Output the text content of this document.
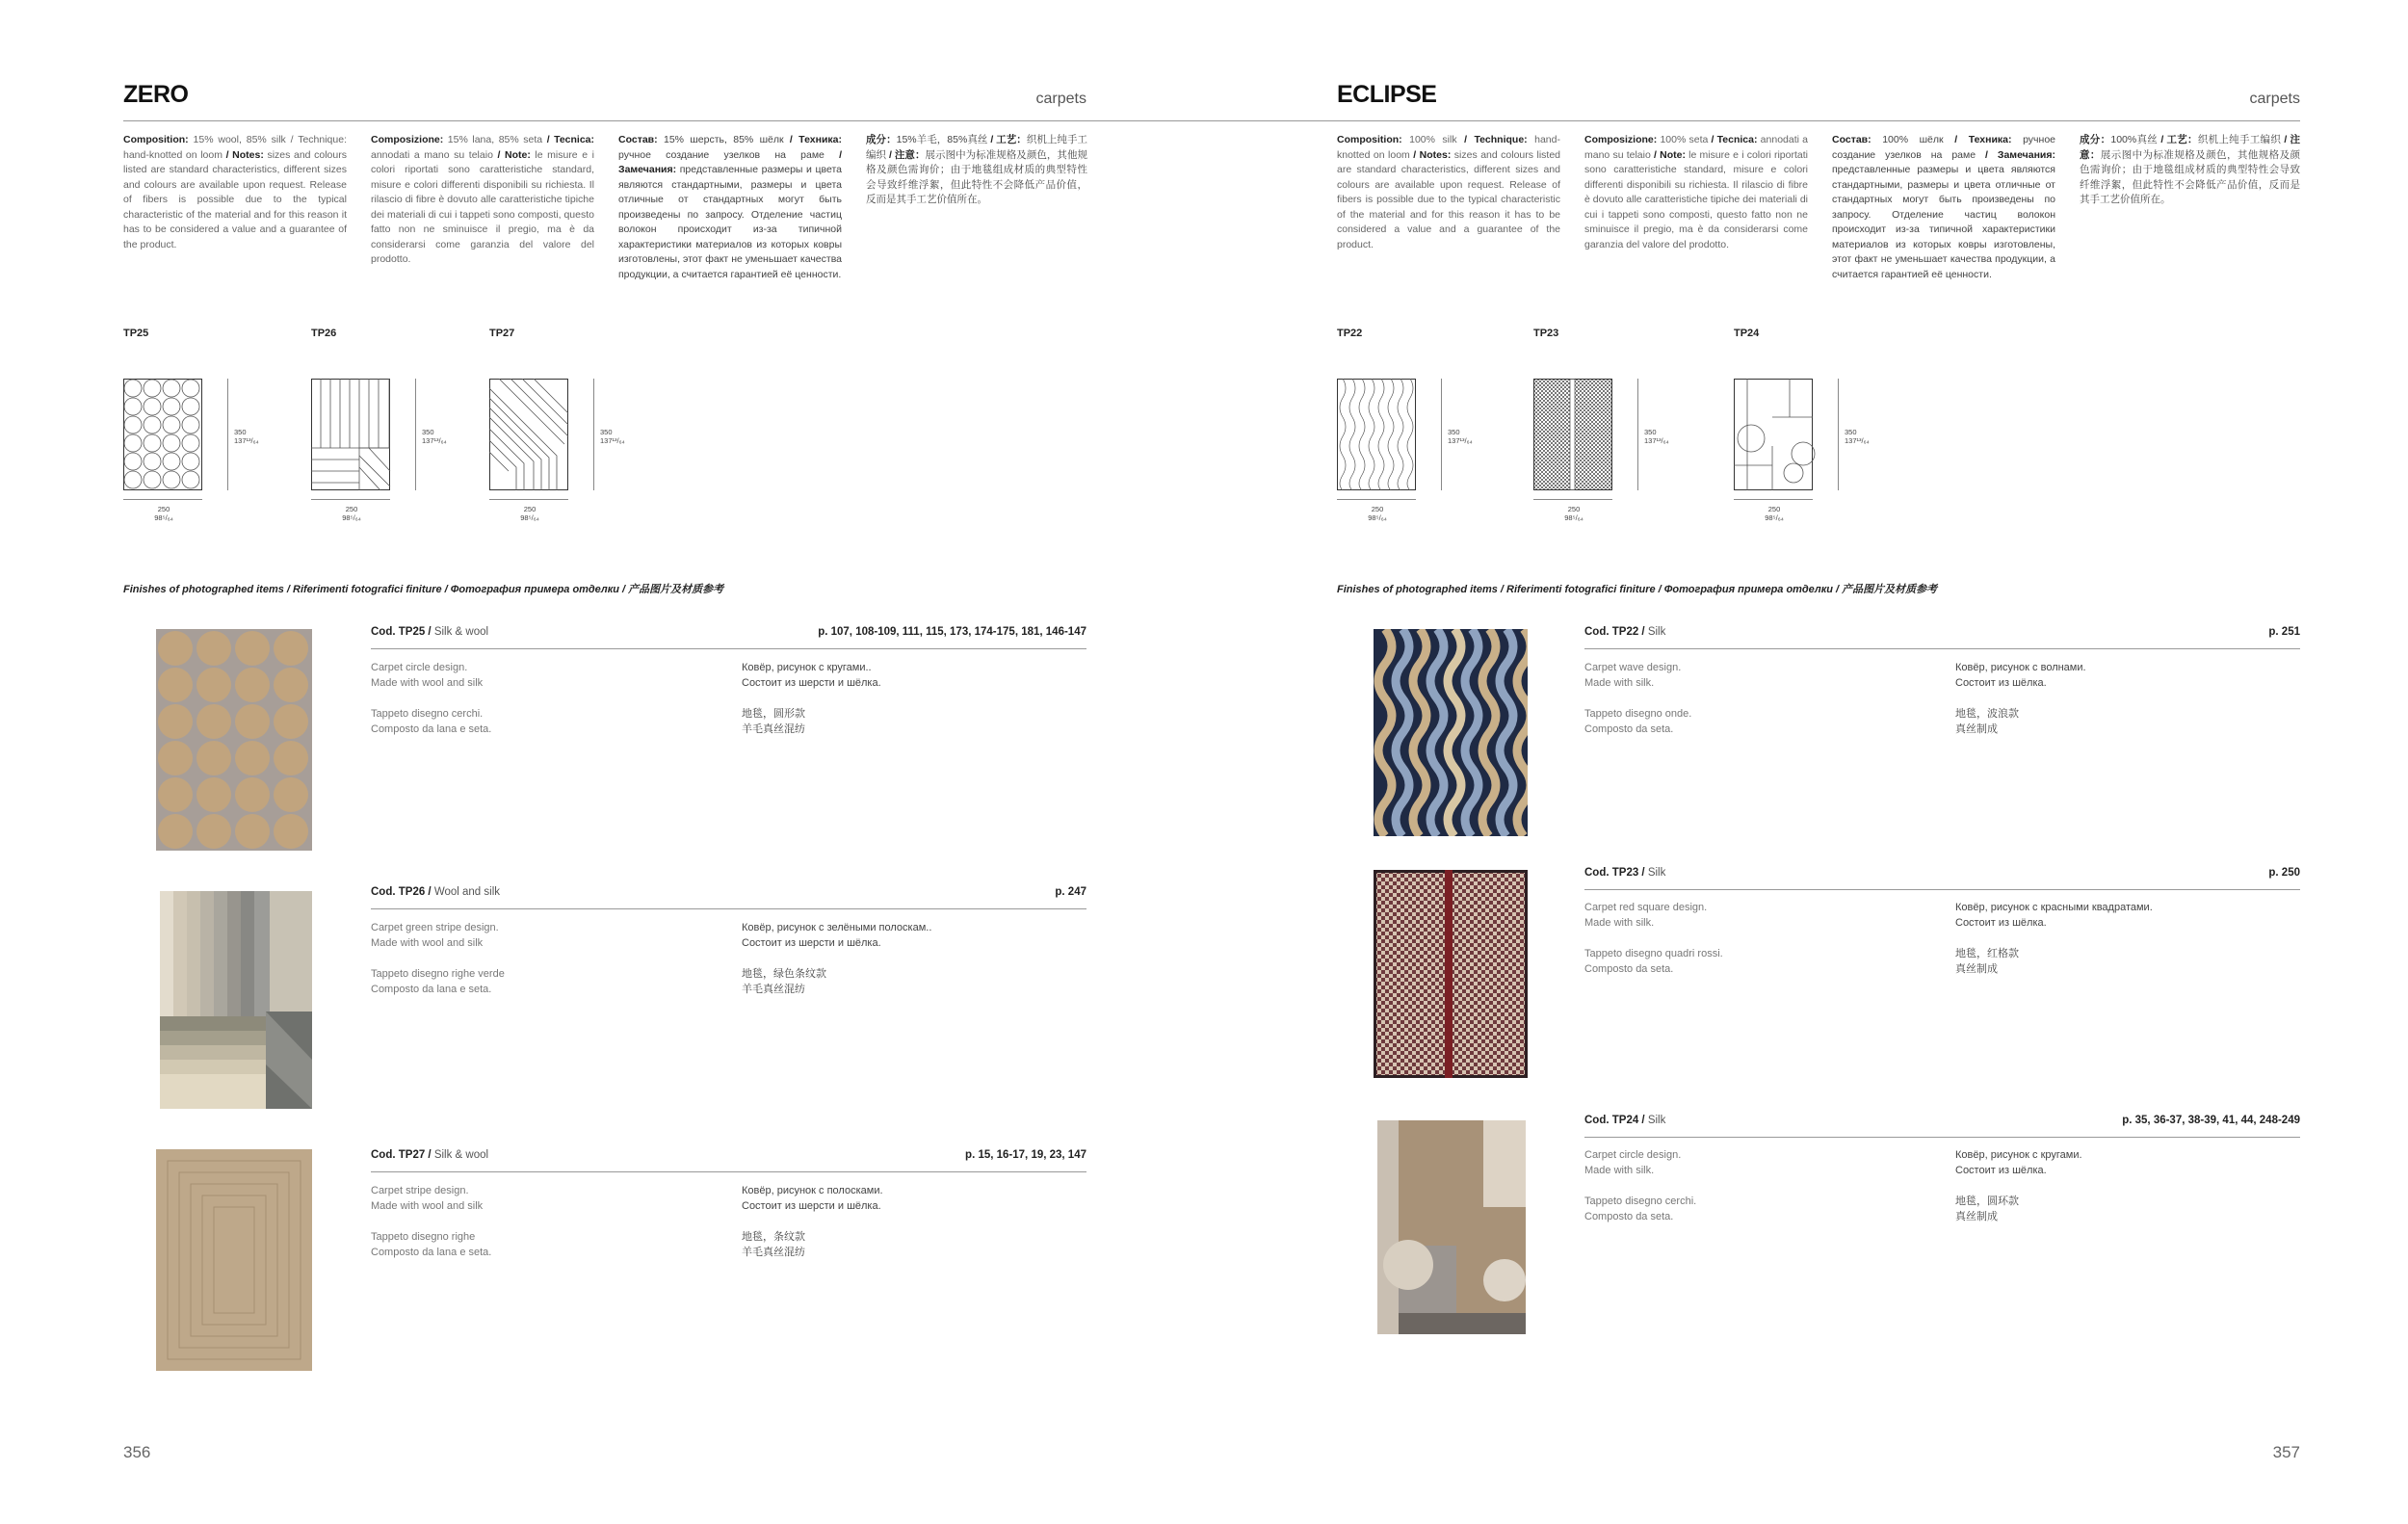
ZERO	carpets
Composition: 15% wool, 85% silk / Technique: hand-knotted on loom / Notes: sizes and colours listed are standard characteristics, different sizes and colours are available upon request. Release of fibers is possible due to the typical characteristic of the material and for this reason it has to be considered a value and a guarantee of the product.
Composizione: 15% lana, 85% seta / Tecnica: annodati a mano su telaio / Note: le misure e i colori riportati sono caratteristiche standard, misure e colori differenti disponibili su richiesta. Il rilascio di fibre è dovuto alle caratteristiche tipiche dei materiali di cui i tappeti sono composti, questo fatto non ne sminuisce il pregio, ma è da considerarsi come garanzia del valore del prodotto.
Состав: 15% шерсть, 85% шёлк / Техника: ручное создание узелков на раме / Замечания: представленные размеры и цвета являются стандартными, размеры и цвета отличные от стандартных могут быть произведены по запросу. Отделение частиц волокон происходит из-за типичной характеристики материалов из которых ковры изготовлены, этот факт не уменьшает качества продукции, а считается гарантией её ценности.
成分：15%羊毛，85%真丝 / 工艺：织机上纯手工编织 / 注意：展示图中为标准规格及颜色，其他规格及颜色需询价；由于地毯组成材质的典型特性会导致纤维浮絮，但此特性不会降低产品价值，反而是其手工艺价值所在。
TP25	TP26	TP27
350
137¹³/₆₄
250
98⁵/₆₄
350
137¹³/₆₄
250
98⁵/₆₄
350
137¹³/₆₄
250
98⁵/₆₄
Finishes of photographed items / Riferimenti fotografici finiture / Фотография примера отделки / 产品图片及材质参考
Cod. TP25 / Silk & wool	p. 107, 108-109, 111, 115, 173, 174-175, 181, 146-147
Carpet circle design.
Made with wool and silk
Tappeto disegno cerchi.
Composto da lana e seta.
Ковёр, рисунок с кругами..
Состоит из шерсти и шёлка.
地毯，圆形款
羊毛真丝混纺
Cod. TP26 / Wool and silk	p. 247
Carpet green stripe design.
Made with wool and silk
Tappeto disegno righe verde
Composto da lana e seta.
Ковёр, рисунок с зелёными полоскам..
Состоит из шерсти и шёлка.
地毯，绿色条纹款
羊毛真丝混纺
Cod. TP27 / Silk & wool	p. 15, 16-17, 19, 23, 147
Carpet stripe design.
Made with wool and silk
Tappeto disegno righe
Composto da lana e seta.
Ковёр, рисунок с полосками.
Состоит из шерсти и шёлка.
地毯，条纹款
羊毛真丝混纺
356
ECLIPSE	carpets
Composition: 100% silk / Technique: hand-knotted on loom / Notes: sizes and colours listed are standard characteristics, different sizes and colours are available upon request. Release of fibers is possible due to the typical characteristic of the material and for this reason it has to be considered a value and a guarantee of the product.
Composizione: 100% seta / Tecnica: annodati a mano su telaio / Note: le misure e i colori riportati sono caratteristiche standard, misure e colori differenti disponibili su richiesta. Il rilascio di fibre è dovuto alle caratteristiche tipiche dei materiali di cui i tappeti sono composti, questo fatto non ne sminuisce il pregio, ma è da considerarsi come garanzia del valore del prodotto.
Состав: 100% шёлк / Техника: ручное создание узелков на раме / Замечания: представленные размеры и цвета являются стандартными, размеры и цвета отличные от стандартных могут быть произведены по запросу. Отделение частиц волокон происходит из-за типичной характеристики материалов из которых ковры изготовлены, этот факт не уменьшает качества продукции, а считается гарантией её ценности.
成分：100%真丝 / 工艺：织机上纯手工编织 / 注意：展示图中为标准规格及颜色，其他规格及颜色需询价；由于地毯组成材质的典型特性会导致纤维浮絮，但此特性不会降低产品价值，反而是其手工艺价值所在。
TP22	TP23	TP24
350
137¹³/₆₄
250
98⁵/₆₄
350
137¹³/₆₄
250
98⁵/₆₄
350
137¹³/₆₄
250
98⁵/₆₄
Finishes of photographed items / Riferimenti fotografici finiture / Фотография примера отделки / 产品图片及材质参考
Cod. TP22 / Silk	p. 251
Carpet wave design.
Made with silk.
Tappeto disegno onde.
Composto da seta.
Ковёр, рисунок с волнами.
Состоит из шёлка.
地毯，波浪款
真丝制成
Cod. TP23 / Silk	p. 250
Carpet red square design.
Made with silk.
Tappeto disegno quadri rossi.
Composto da seta.
Ковёр, рисунок с красными квадратами.
Состоит из шёлка.
地毯，红格款
真丝制成
Cod. TP24 / Silk	p. 35, 36-37, 38-39, 41, 44, 248-249
Carpet circle design.
Made with silk.
Tappeto disegno cerchi.
Composto da seta.
Ковёр, рисунок с кругами.
Состоит из шёлка.
地毯，圆环款
真丝制成
357
